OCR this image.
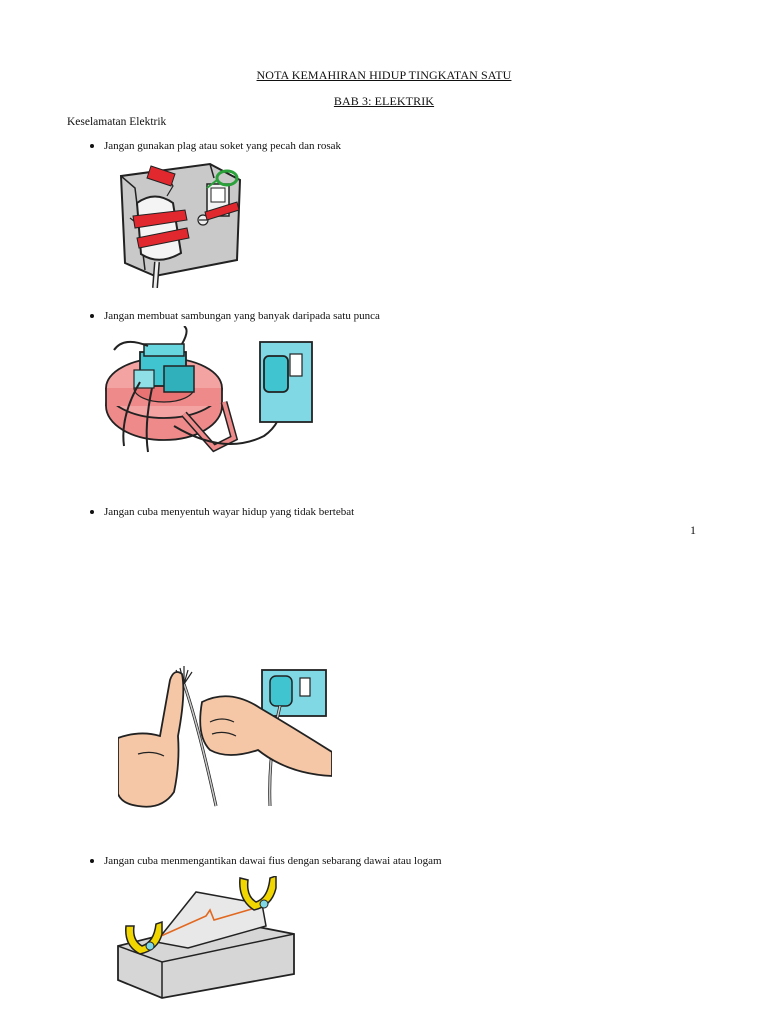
NOTA KEMAHIRAN HIDUP TINGKATAN SATU
BAB 3: ELEKTRIK
Keselamatan Elektrik
Jangan gunakan plag atau soket yang pecah dan rosak
Jangan membuat sambungan yang banyak daripada satu punca
Jangan cuba menyentuh wayar hidup yang tidak bertebat
1
Jangan cuba menmengantikan dawai fius dengan sebarang dawai atau logam
